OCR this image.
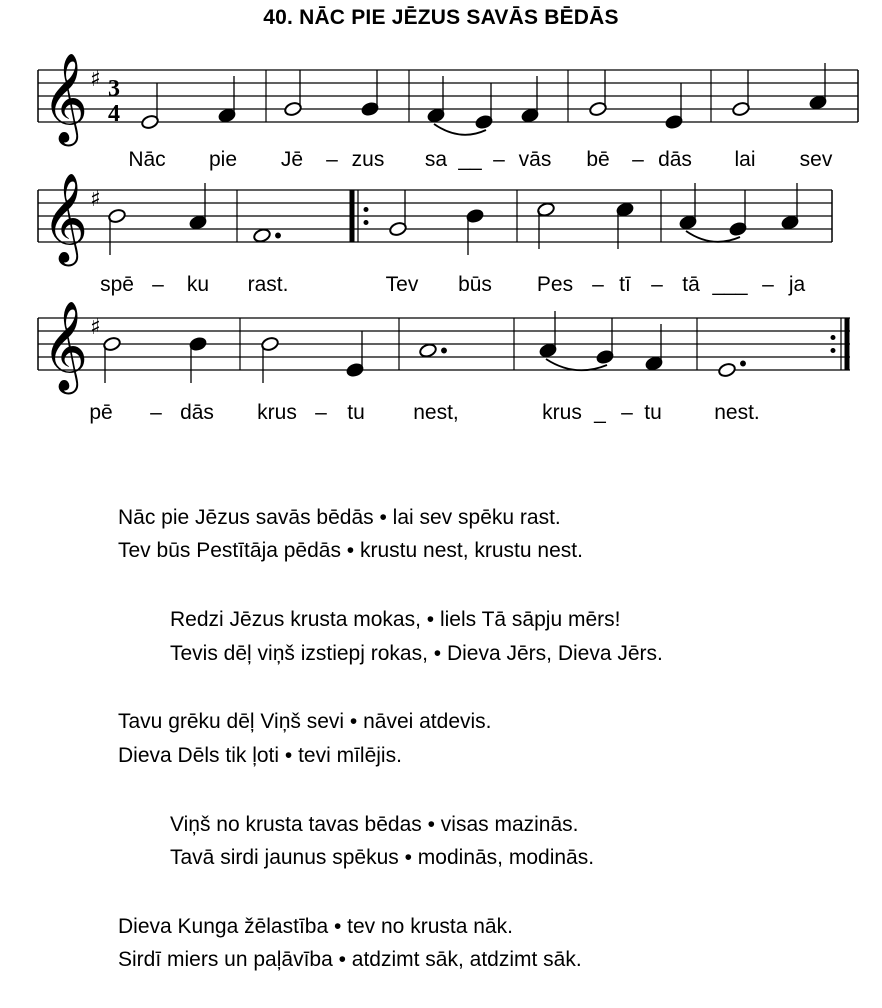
40. NĀC PIE JĒZUS SAVĀS BĒDĀS
𝄞 ♯ 3
4
Nāc pie Jē – zus sa __ – vās bē – dās lai sev
𝄞 ♯
spē – ku rast.	Tev būs Pes – tī – tā ___ – ja
𝄞 ♯
pē – dās krus – tu nest,	krus _ – tu nest.
Nāc pie Jēzus savās bēdās • lai sev spēku rast.
Tev būs Pestītāja pēdās • krustu nest, krustu nest.
Redzi Jēzus krusta mokas, • liels Tā sāpju mērs!
Tevis dēļ viņš izstiepj rokas, • Dieva Jērs, Dieva Jērs.
Tavu grēku dēļ Viņš sevi • nāvei atdevis.
Dieva Dēls tik ļoti • tevi mīlējis.
Viņš no krusta tavas bēdas • visas mazinās.
Tavā sirdi jaunus spēkus • modinās, modinās.
Dieva Kunga žēlastība • tev no krusta nāk.
Sirdī miers un paļāvība • atdzimt sāk, atdzimt sāk.
